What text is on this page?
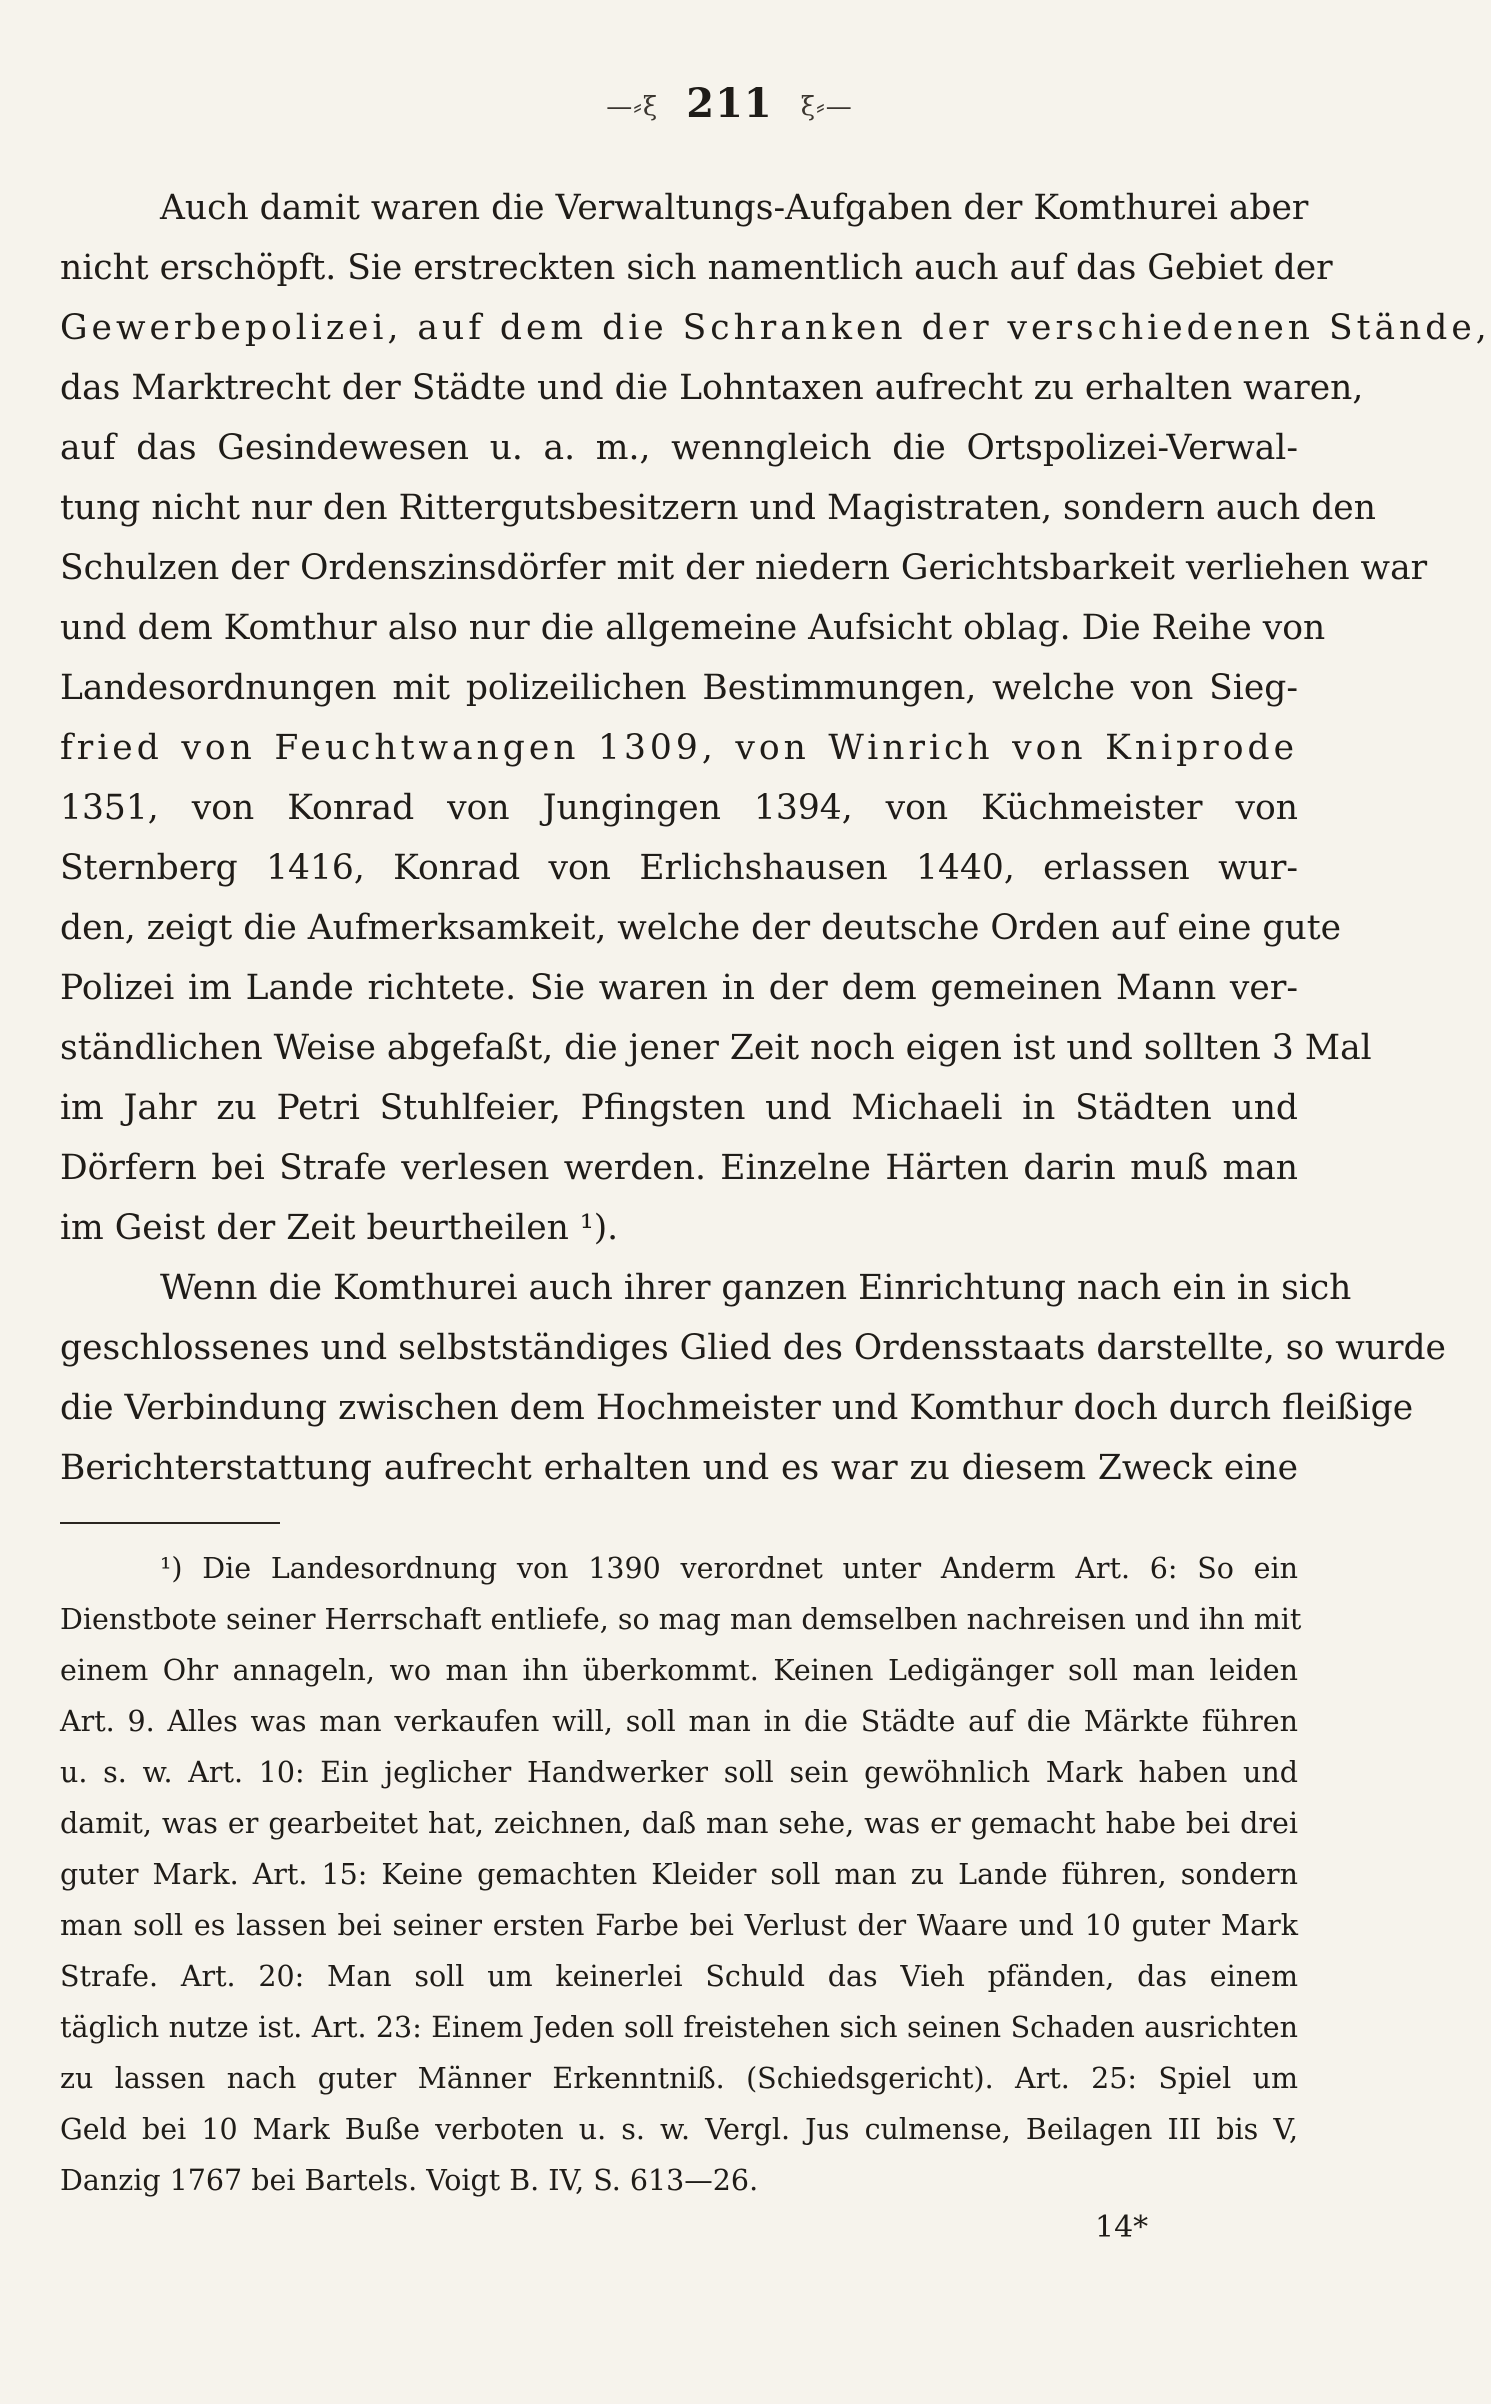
—⸗ξ 211 ξ⸗—
Auch damit waren die Verwaltungs-Aufgaben der Komthurei aber
nicht erschöpft. Sie erstreckten sich namentlich auch auf das Gebiet der
Gewerbepolizei, auf dem die Schranken der verschiedenen Stände,
das Marktrecht der Städte und die Lohntaxen aufrecht zu erhalten waren,
auf das Gesindewesen u. a. m., wenngleich die Ortspolizei-Verwal-
tung nicht nur den Rittergutsbesitzern und Magistraten, sondern auch den
Schulzen der Ordenszinsdörfer mit der niedern Gerichtsbarkeit verliehen war
und dem Komthur also nur die allgemeine Aufsicht oblag. Die Reihe von
Landesordnungen mit polizeilichen Bestimmungen, welche von Sieg-
fried von Feuchtwangen 1309, von Winrich von Kniprode
1351, von Konrad von Jungingen 1394, von Küchmeister von
Sternberg 1416, Konrad von Erlichshausen 1440, erlassen wur-
den, zeigt die Aufmerksamkeit, welche der deutsche Orden auf eine gute
Polizei im Lande richtete. Sie waren in der dem gemeinen Mann ver-
ständlichen Weise abgefaßt, die jener Zeit noch eigen ist und sollten 3 Mal
im Jahr zu Petri Stuhlfeier, Pfingsten und Michaeli in Städten und
Dörfern bei Strafe verlesen werden. Einzelne Härten darin muß man
im Geist der Zeit beurtheilen ¹).
Wenn die Komthurei auch ihrer ganzen Einrichtung nach ein in sich
geschlossenes und selbstständiges Glied des Ordensstaats darstellte, so wurde
die Verbindung zwischen dem Hochmeister und Komthur doch durch fleißige
Berichterstattung aufrecht erhalten und es war zu diesem Zweck eine
¹) Die Landesordnung von 1390 verordnet unter Anderm Art. 6: So ein
Dienstbote seiner Herrschaft entliefe, so mag man demselben nachreisen und ihn mit
einem Ohr annageln, wo man ihn überkommt. Keinen Ledigänger soll man leiden
Art. 9. Alles was man verkaufen will, soll man in die Städte auf die Märkte führen
u. s. w. Art. 10: Ein jeglicher Handwerker soll sein gewöhnlich Mark haben und
damit, was er gearbeitet hat, zeichnen, daß man sehe, was er gemacht habe bei drei
guter Mark. Art. 15: Keine gemachten Kleider soll man zu Lande führen, sondern
man soll es lassen bei seiner ersten Farbe bei Verlust der Waare und 10 guter Mark
Strafe. Art. 20: Man soll um keinerlei Schuld das Vieh pfänden, das einem
täglich nutze ist. Art. 23: Einem Jeden soll freistehen sich seinen Schaden ausrichten
zu lassen nach guter Männer Erkenntniß. (Schiedsgericht). Art. 25: Spiel um
Geld bei 10 Mark Buße verboten u. s. w. Vergl. Jus culmense, Beilagen III bis V,
Danzig 1767 bei Bartels. Voigt B. IV, S. 613—26.
14*
